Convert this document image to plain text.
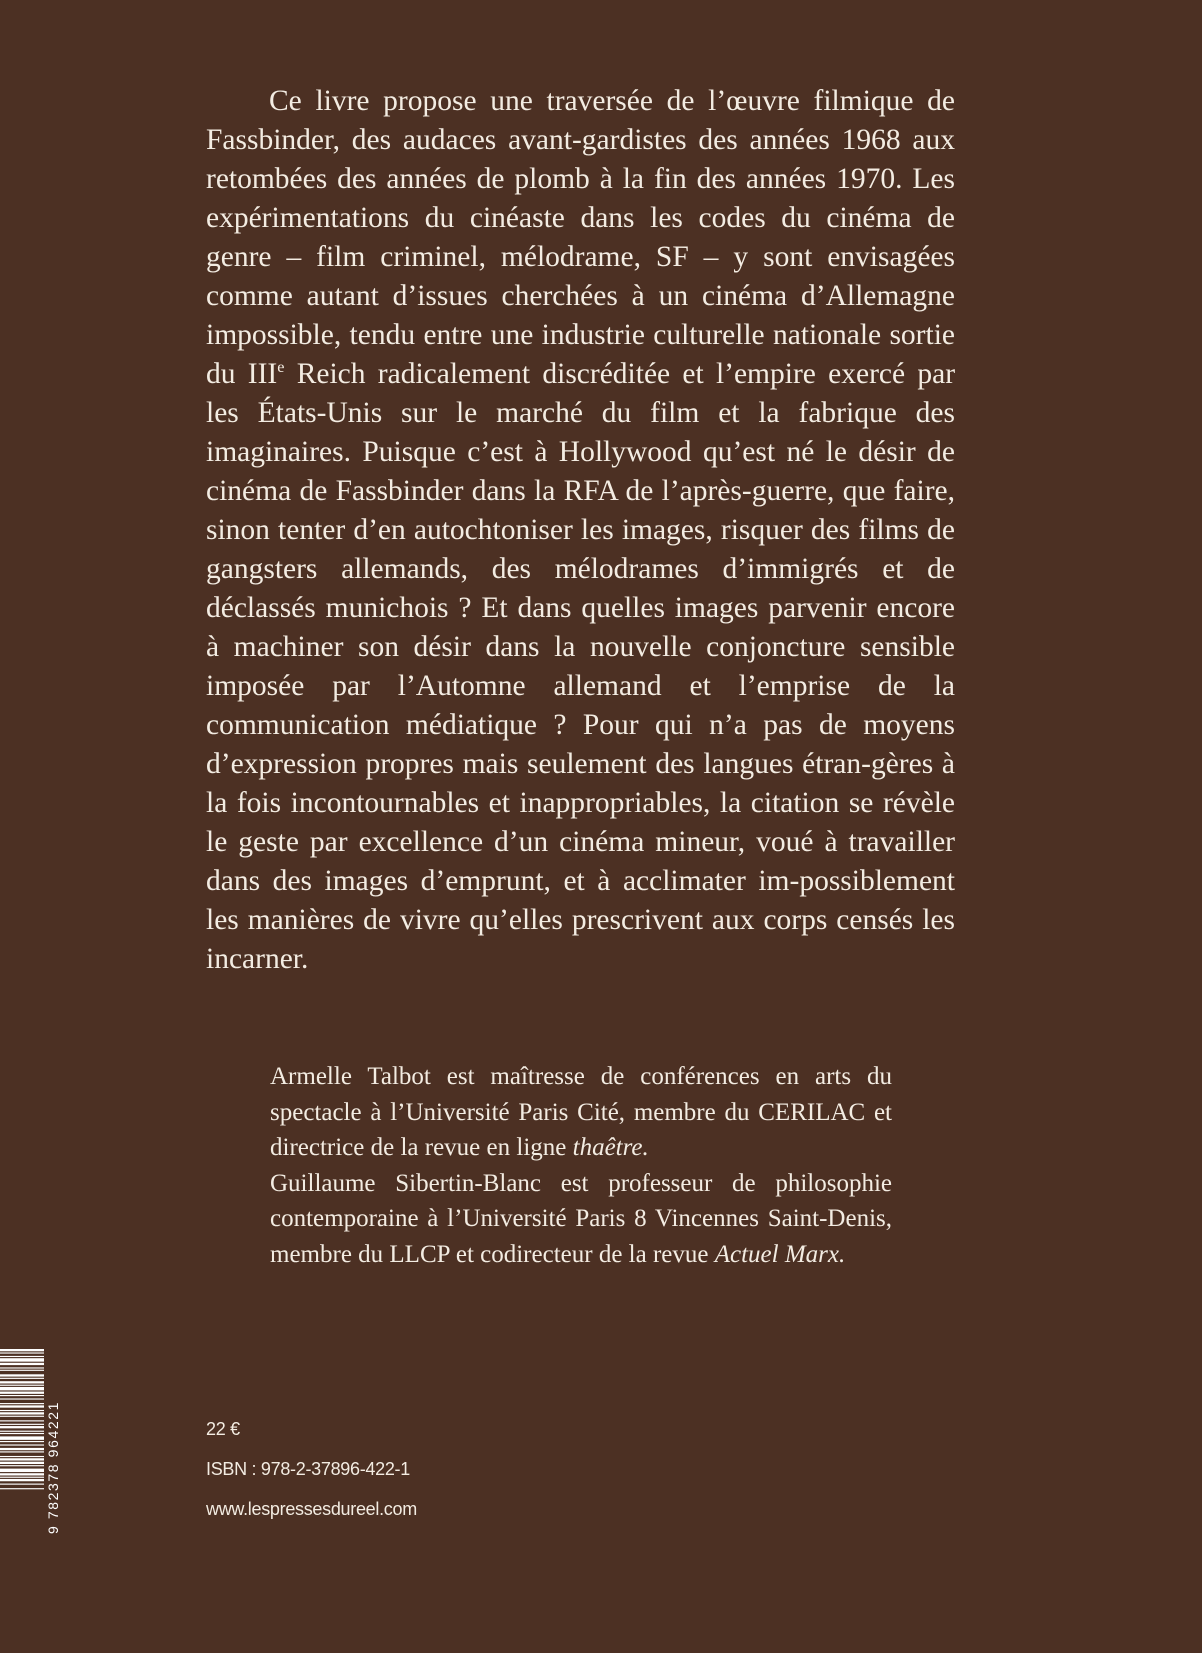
Ce livre propose une traversée de l’œuvre filmique de Fassbinder, des audaces avant-gardistes des années 1968 aux retombées des années de plomb à la fin des années 1970. Les expérimentations du cinéaste dans les codes du cinéma de genre – film criminel, mélodrame, SF – y sont envisagées comme autant d’issues cherchées à un cinéma d’Allemagne impossible, tendu entre une industrie culturelle nationale sortie du IIIe Reich radicalement discréditée et l’empire exercé par les États-Unis sur le marché du film et la fabrique des imaginaires. Puisque c’est à Hollywood qu’est né le désir de cinéma de Fassbinder dans la RFA de l’après-guerre, que faire, sinon tenter d’en autochtoniser les images, risquer des films de gangsters allemands, des mélodrames d’immigrés et de déclassés munichois ? Et dans quelles images parvenir encore à machiner son désir dans la nouvelle conjoncture sensible imposée par l’Automne allemand et l’emprise de la communication médiatique ? Pour qui n’a pas de moyens d’expression propres mais seulement des langues étran-gères à la fois incontournables et inappropriables, la citation se révèle le geste par excellence d’un cinéma mineur, voué à travailler dans des images d’emprunt, et à acclimater im-possiblement les manières de vivre qu’elles prescrivent aux corps censés les incarner.

Armelle Talbot est maîtresse de conférences en arts du spectacle à l’Université Paris Cité, membre du CERILAC et directrice de la revue en ligne thaêtre.

Guillaume Sibertin-Blanc est professeur de philosophie contemporaine à l’Université Paris 8 Vincennes Saint-Denis, membre du LLCP et codirecteur de la revue Actuel Marx.

22 €
ISBN : 978-2-37896-422-1
www.lespressesdureel.com
9 782378 964221
